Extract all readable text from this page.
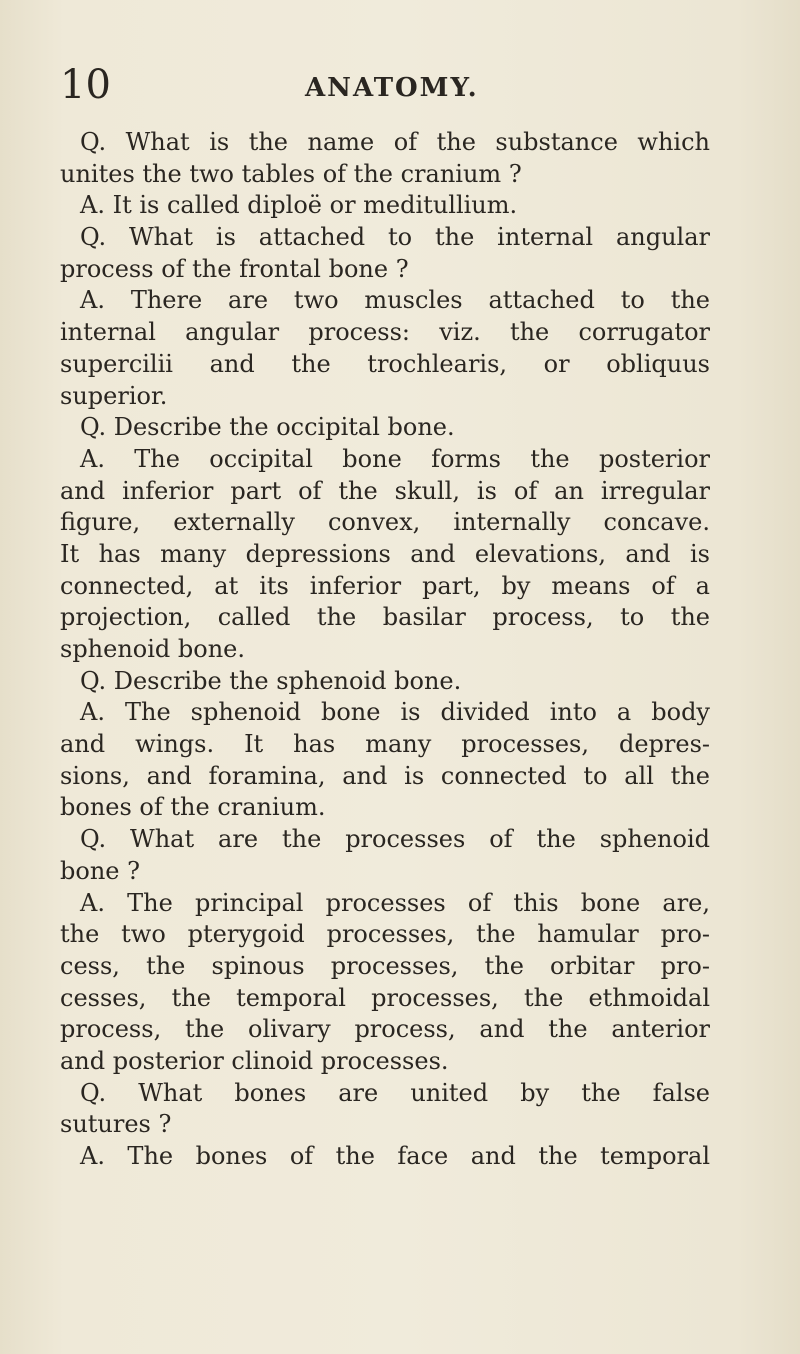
10	ANATOMY.
Q. What is the name of the substance which
unites the two tables of the cranium ?
A. It is called diploë or meditullium.
Q. What is attached to the internal angular
process of the frontal bone ?
A. There are two muscles attached to the
internal angular process: viz. the corrugator
supercilii and the trochlearis, or obliquus
superior.
Q. Describe the occipital bone.
A. The occipital bone forms the posterior
and inferior part of the skull, is of an irregular
figure, externally convex, internally concave.
It has many depressions and elevations, and is
connected, at its inferior part, by means of a
projection, called the basilar process, to the
sphenoid bone.
Q. Describe the sphenoid bone.
A. The sphenoid bone is divided into a body
and wings. It has many processes, depres-
sions, and foramina, and is connected to all the
bones of the cranium.
Q. What are the processes of the sphenoid
bone ?
A. The principal processes of this bone are,
the two pterygoid processes, the hamular pro-
cess, the spinous processes, the orbitar pro-
cesses, the temporal processes, the ethmoidal
process, the olivary process, and the anterior
and posterior clinoid processes.
Q. What bones are united by the false
sutures ?
A. The bones of the face and the temporal
